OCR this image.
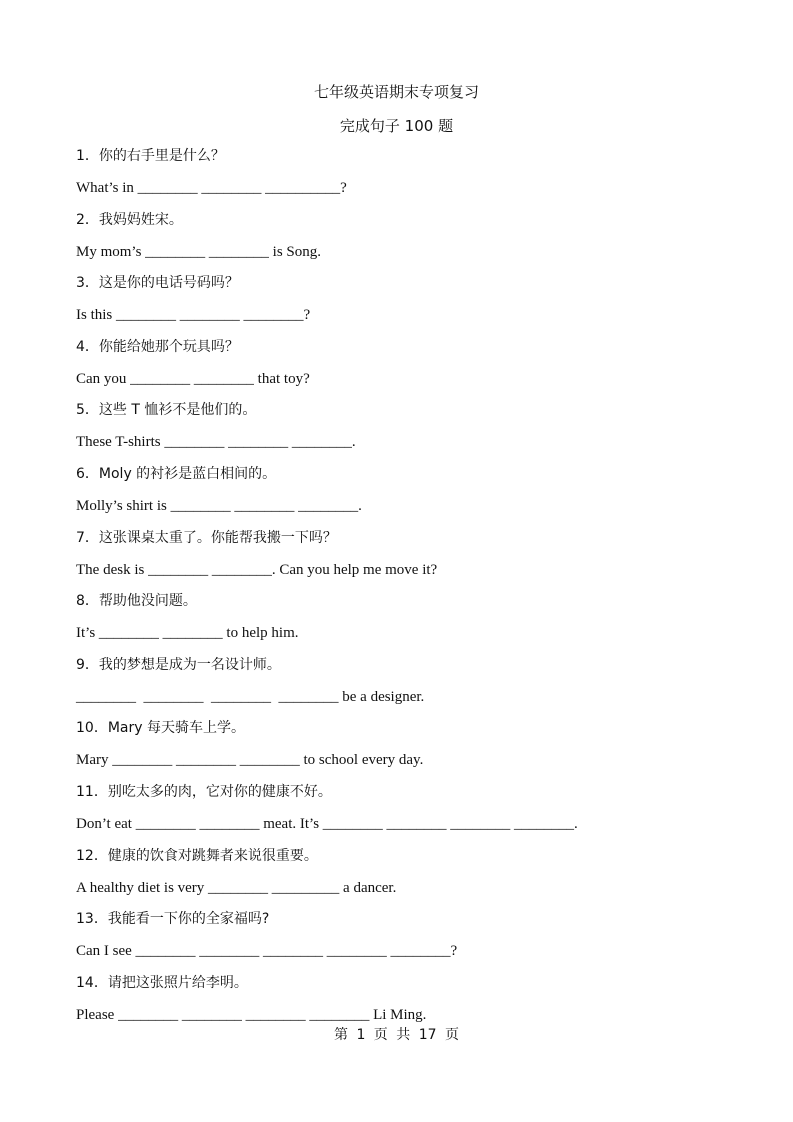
七年级英语期末专项复习
完成句子 100 题
1．你的右手里是什么？
What’s in ________ ________ __________?
2．我妈妈姓宋。
My mom’s ________ ________ is Song.
3．这是你的电话号码吗？
Is this ________ ________ ________?
4．你能给她那个玩具吗？
Can you ________ ________ that toy?
5．这些 T 恤衫不是他们的。
These T-shirts ________ ________ ________.
6．Moly 的衬衫是蓝白相间的。
Molly’s shirt is ________ ________ ________.
7．这张课桌太重了。你能帮我搬一下吗？
The desk is ________ ________. Can you help me move it?
8．帮助他没问题。
It’s ________ ________ to help him.
9．我的梦想是成为一名设计师。
________  ________  ________  ________ be a designer.
10．Mary 每天骑车上学。
Mary ________ ________ ________ to school every day.
11．别吃太多的肉，它对你的健康不好。
Don’t eat ________ ________ meat. It’s ________ ________ ________ ________.
12．健康的饮食对跳舞者来说很重要。
A healthy diet is very ________ _________ a dancer.
13．我能看一下你的全家福吗?
Can I see ________ ________ ________ ________ ________?
14．请把这张照片给李明。
Please ________ ________ ________ ________ Li Ming.
第 1 页 共 17 页
